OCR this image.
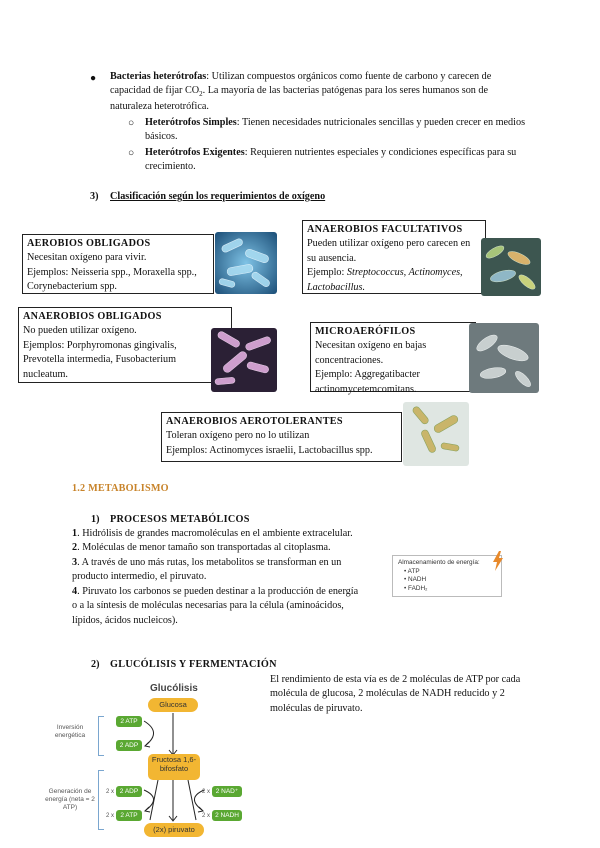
● Bacterias heterótrofas: Utilizan compuestos orgánicos como fuente de carbono y carecen de capacidad de fijar $CO_2$. La mayoría de las bacterias patógenas para los seres humanos son de naturaleza heterotrófica.
○ Heterótrofos Simples: Tienen necesidades nutricionales sencillas y pueden crecer en medios básicos.
○ Heterótrofos Exigentes: Requieren nutrientes especiales y condiciones específicas para su crecimiento.
3) Clasificación según los requerimientos de oxígeno
AEROBIOS OBLIGADOS
Necesitan oxígeno para vivir.
Ejemplos: Neisseria spp., Moraxella spp., Corynebacterium spp.
ANAEROBIOS FACULTATIVOS
Pueden utilizar oxígeno pero carecen en su ausencia.
Ejemplo: Streptococcus, Actinomyces, Lactobacillus.
ANAEROBIOS OBLIGADOS
No pueden utilizar oxígeno.
Ejemplos: Porphyromonas gingivalis, Prevotella intermedia, Fusobacterium nucleatum.
MICROAERÓFILOS
Necesitan oxígeno en bajas concentraciones.
Ejemplo: Aggregatibacter actinomycetemcomitans.
ANAEROBIOS AEROTOLERANTES
Toleran oxígeno pero no lo utilizan
Ejemplos: Actinomyces israelii, Lactobacillus spp.
1.2 METABOLISMO
1) PROCESOS METABÓLICOS
1. Hidrólisis de grandes macromoléculas en el ambiente extracelular.
2. Moléculas de menor tamaño son transportadas al citoplasma.
3. A través de uno más rutas, los metabolitos se transforman en un producto intermedio, el piruvato.
4. Piruvato los carbonos se pueden destinar a la producción de energía o a la síntesis de moléculas necesarias para la célula (aminoácidos, lípidos, ácidos nucleicos).
Almacenamiento de energía:
• ATP
• NADH
• FADH₂
2) GLUCÓLISIS Y FERMENTACIÓN
El rendimiento de esta vía es de 2 moléculas de ATP por cada
molécula de glucosa, 2 moléculas de NADH reducido y 2 moléculas de piruvato.
Glucólisis
Glucosa
Inversión energética
2 ATP
2 ADP
Fructosa 1,6-bifosfato
Generación de energía (neta = 2 ATP)
2 x 2 ADP
2 x 2 ATP
2 x 2 NAD⁺
2 x 2 NADH
(2x) piruvato
